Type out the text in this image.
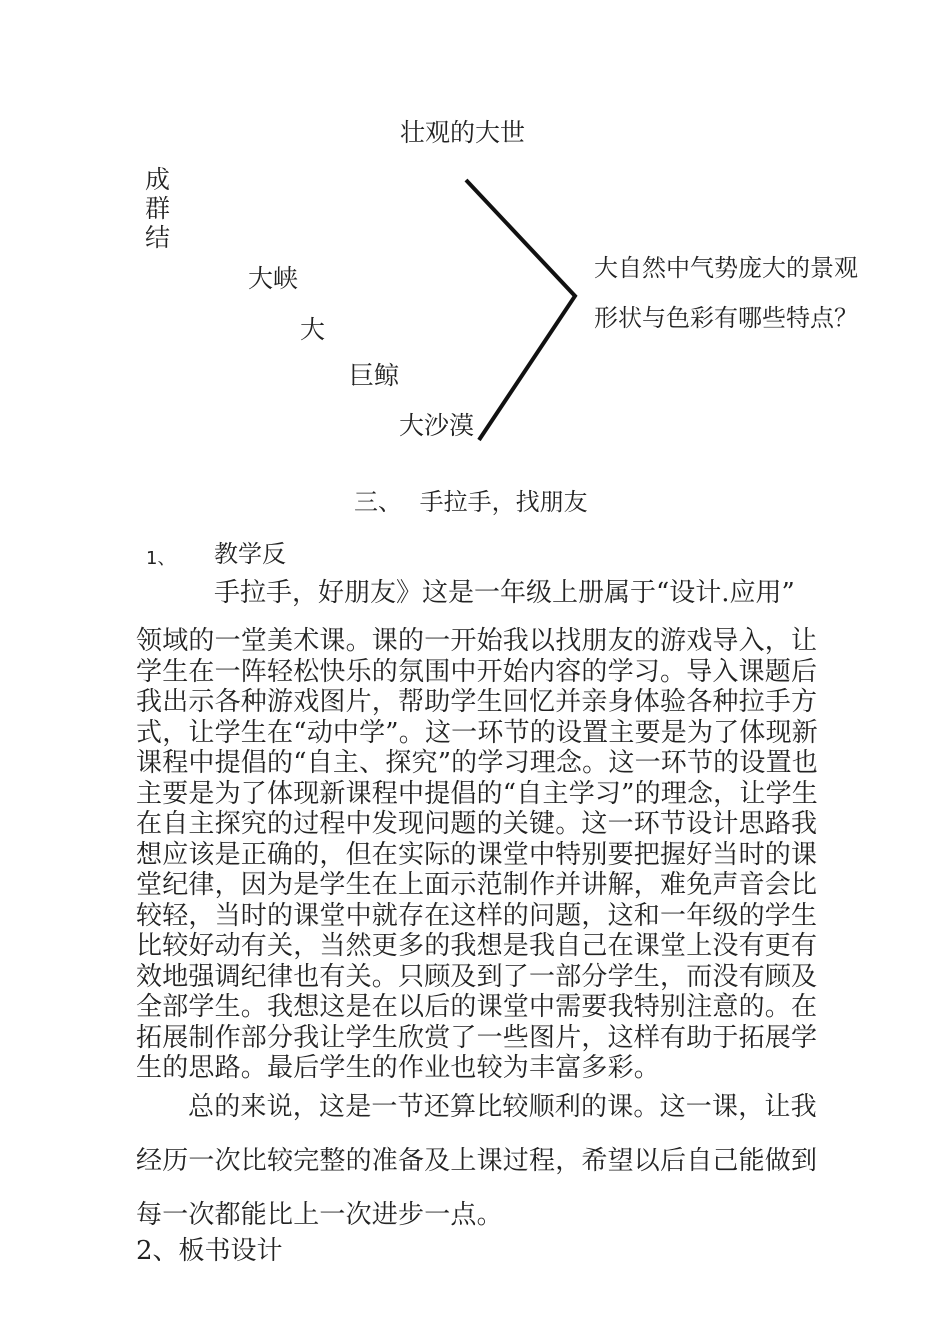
壮观的大世
成群结
大峡
大
巨鲸
大沙漠
大自然中气势庞大的景观
形状与色彩有哪些特点？
三、 手拉手，找朋友
1、 教学反
手拉手，好朋友》这是一年级上册属于“设计.应用”
领域的一堂美术课。课的一开始我以找朋友的游戏导入，让学生在一阵轻松快乐的氛围中开始内容的学习。导入课题后我出示各种游戏图片，帮助学生回忆并亲身体验各种拉手方式，让学生在“动中学”。这一环节的设置主要是为了体现新课程中提倡的“自主、探究”的学习理念。这一环节的设置也主要是为了体现新课程中提倡的“自主学习”的理念，让学生在自主探究的过程中发现问题的关键。这一环节设计思路我想应该是正确的，但在实际的课堂中特别要把握好当时的课堂纪律，因为是学生在上面示范制作并讲解，难免声音会比较轻，当时的课堂中就存在这样的问题，这和一年级的学生比较好动有关，当然更多的我想是我自己在课堂上没有更有效地强调纪律也有关。只顾及到了一部分学生，而没有顾及全部学生。我想这是在以后的课堂中需要我特别注意的。在拓展制作部分我让学生欣赏了一些图片，这样有助于拓展学生的思路。最后学生的作业也较为丰富多彩。
总的来说，这是一节还算比较顺利的课。这一课，让我经历一次比较完整的准备及上课过程，希望以后自己能做到每一次都能比上一次进步一点。
2、板书设计
